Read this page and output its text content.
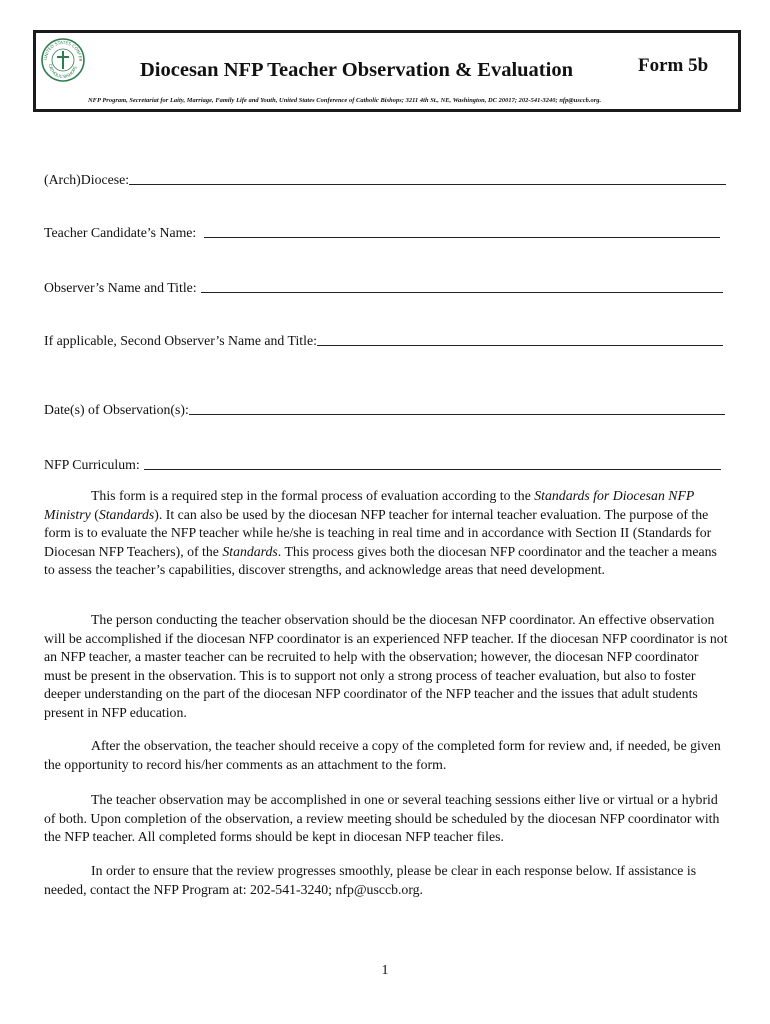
UNITED STATES CONFER
CATHOLIC BISHOPS	Diocesan NFP Teacher Observation & Evaluation	Form 5b
NFP Program, Secretariat for Laity, Marriage, Family Life and Youth, United States Conference of Catholic Bishops; 3211 4th St., NE, Washington, DC 20017; 202-541-3240; nfp@usccb.org.
(Arch)Diocese:
Teacher Candidate’s Name:
Observer’s Name and Title:
If applicable, Second Observer’s Name and Title:
Date(s) of Observation(s):
NFP Curriculum:

This form is a required step in the formal process of evaluation according to the Standards for Diocesan NFP Ministry (Standards). It can also be used by the diocesan NFP teacher for internal teacher evaluation. The purpose of the form is to evaluate the NFP teacher while he/she is teaching in real time and in accordance with Section II (Standards for Diocesan NFP Teachers), of the Standards. This process gives both the diocesan NFP coordinator and the teacher a means to assess the teacher’s capabilities, discover strengths, and acknowledge areas that need development.

The person conducting the teacher observation should be the diocesan NFP coordinator. An effective observation will be accomplished if the diocesan NFP coordinator is an experienced NFP teacher. If the diocesan NFP coordinator is not an NFP teacher, a master teacher can be recruited to help with the observation; however, the diocesan NFP coordinator must be present in the observation. This is to support not only a strong process of teacher evaluation, but also to foster deeper understanding on the part of the diocesan NFP coordinator of the NFP teacher and the issues that adult students present in NFP education.

After the observation, the teacher should receive a copy of the completed form for review and, if needed, be given the opportunity to record his/her comments as an attachment to the form.

The teacher observation may be accomplished in one or several teaching sessions either live or virtual or a hybrid of both. Upon completion of the observation, a review meeting should be scheduled by the diocesan NFP coordinator with the NFP teacher. All completed forms should be kept in diocesan NFP teacher files.

In order to ensure that the review progresses smoothly, please be clear in each response below. If assistance is needed, contact the NFP Program at: 202-541-3240; nfp@usccb.org.

1
